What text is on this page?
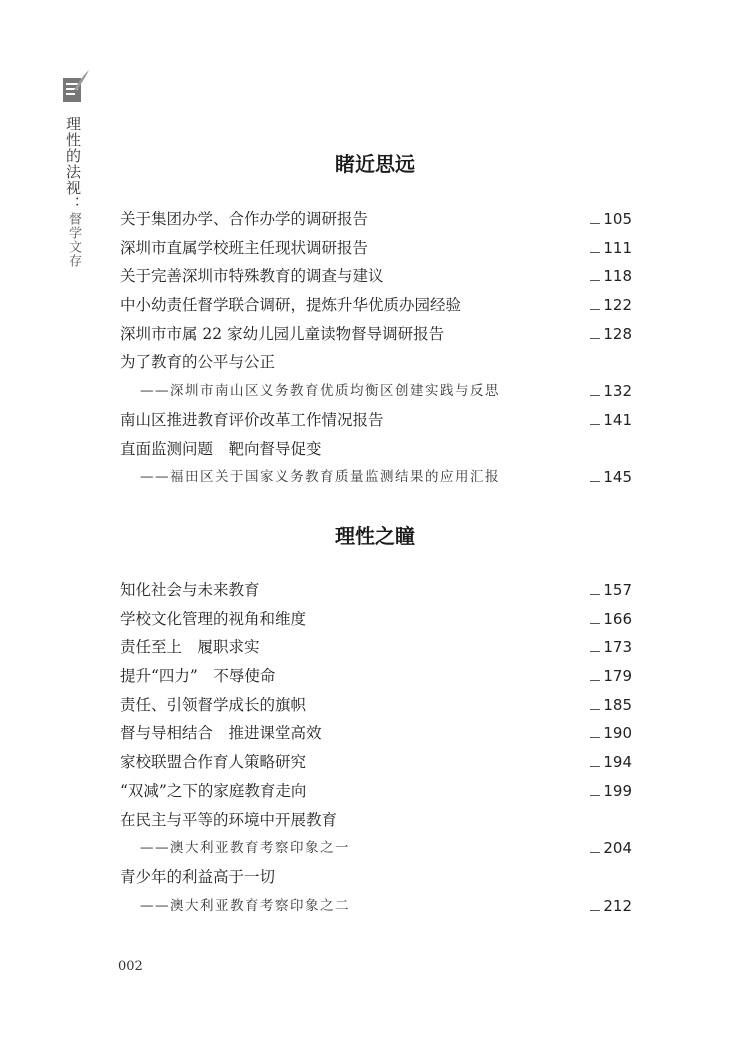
理性的法视：督学文存
睹近思远
关于集团办学、合作办学的调研报告	105
深圳市直属学校班主任现状调研报告	111
关于完善深圳市特殊教育的调查与建议	118
中小幼责任督学联合调研，提炼升华优质办园经验	122
深圳市市属 22 家幼儿园儿童读物督导调研报告	128
为了教育的公平与公正
——深圳市南山区义务教育优质均衡区创建实践与反思	132
南山区推进教育评价改革工作情况报告	141
直面监测问题　靶向督导促变
——福田区关于国家义务教育质量监测结果的应用汇报	145
理性之瞳
知化社会与未来教育	157
学校文化管理的视角和维度	166
责任至上　履职求实	173
提升“四力”　不辱使命	179
责任、引领督学成长的旗帜	185
督与导相结合　推进课堂高效	190
家校联盟合作育人策略研究	194
“双减”之下的家庭教育走向	199
在民主与平等的环境中开展教育
——澳大利亚教育考察印象之一	204
青少年的利益高于一切
——澳大利亚教育考察印象之二	212
002
